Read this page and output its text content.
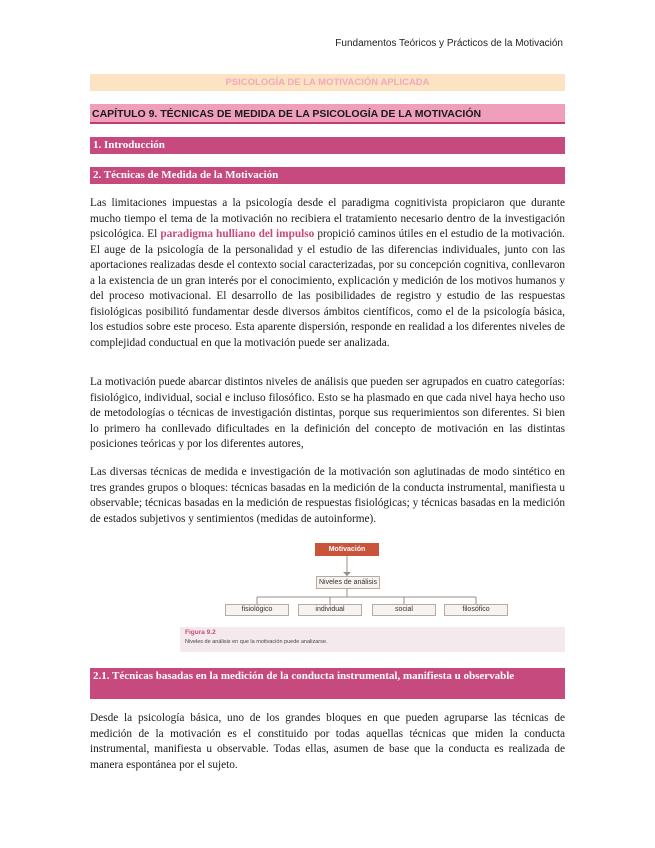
Fundamentos Teóricos y Prácticos de la Motivación
PSICOLOGÍA DE LA MOTIVACIÓN APLICADA
CAPÍTULO 9. TÉCNICAS DE MEDIDA DE LA PSICOLOGÍA DE LA MOTIVACIÓN
1. Introducción
2. Técnicas de Medida de la Motivación

Las limitaciones impuestas a la psicología desde el paradigma cognitivista propiciaron que durante mucho tiempo el tema de la motivación no recibiera el tratamiento necesario dentro de la investigación psicológica. El paradigma hulliano del impulso propició caminos útiles en el estudio de la motivación. El auge de la psicología de la personalidad y el estudio de las diferencias individuales, junto con las aportaciones realizadas desde el contexto social caracterizadas, por su concepción cognitiva, conllevaron a la existencia de un gran interés por el conocimiento, explicación y medición de los motivos humanos y del proceso motivacional. El desarrollo de las posibilidades de registro y estudio de las respuestas fisiológicas posibilitó fundamentar desde diversos ámbitos científicos, como el de la psicología básica, los estudios sobre este proceso. Esta aparente dispersión, responde en realidad a los diferentes niveles de complejidad conductual en que la motivación puede ser analizada.

La motivación puede abarcar distintos niveles de análisis que pueden ser agrupados en cuatro categorías: fisiológico, individual, social e incluso filosófico. Esto se ha plasmado en que cada nivel haya hecho uso de metodologías o técnicas de investigación distintas, porque sus requerimientos son diferentes. Si bien lo primero ha conllevado dificultades en la definición del concepto de motivación en las distintas posiciones teóricas y por los diferentes autores,

Las diversas técnicas de medida e investigación de la motivación son aglutinadas de modo sintético en tres grandes grupos o bloques: técnicas basadas en la medición de la conducta instrumental, manifiesta u observable; técnicas basadas en la medición de respuestas fisiológicas; y técnicas basadas en la medición de estados subjetivos y sentimientos (medidas de autoinforme).

Motivación
Niveles de análisis
fisiológico	individual	social	filosófico
Figura 9.2
Niveles de análisis en que la motivación puede analizarse.
2.1. Técnicas basadas en la medición de la conducta instrumental, manifiesta u observable

Desde la psicología básica, uno de los grandes bloques en que pueden agruparse las técnicas de medición de la motivación es el constituido por todas aquellas técnicas que miden la conducta instrumental, manifiesta u observable. Todas ellas, asumen de base que la conducta es realizada de manera espontánea por el sujeto.
